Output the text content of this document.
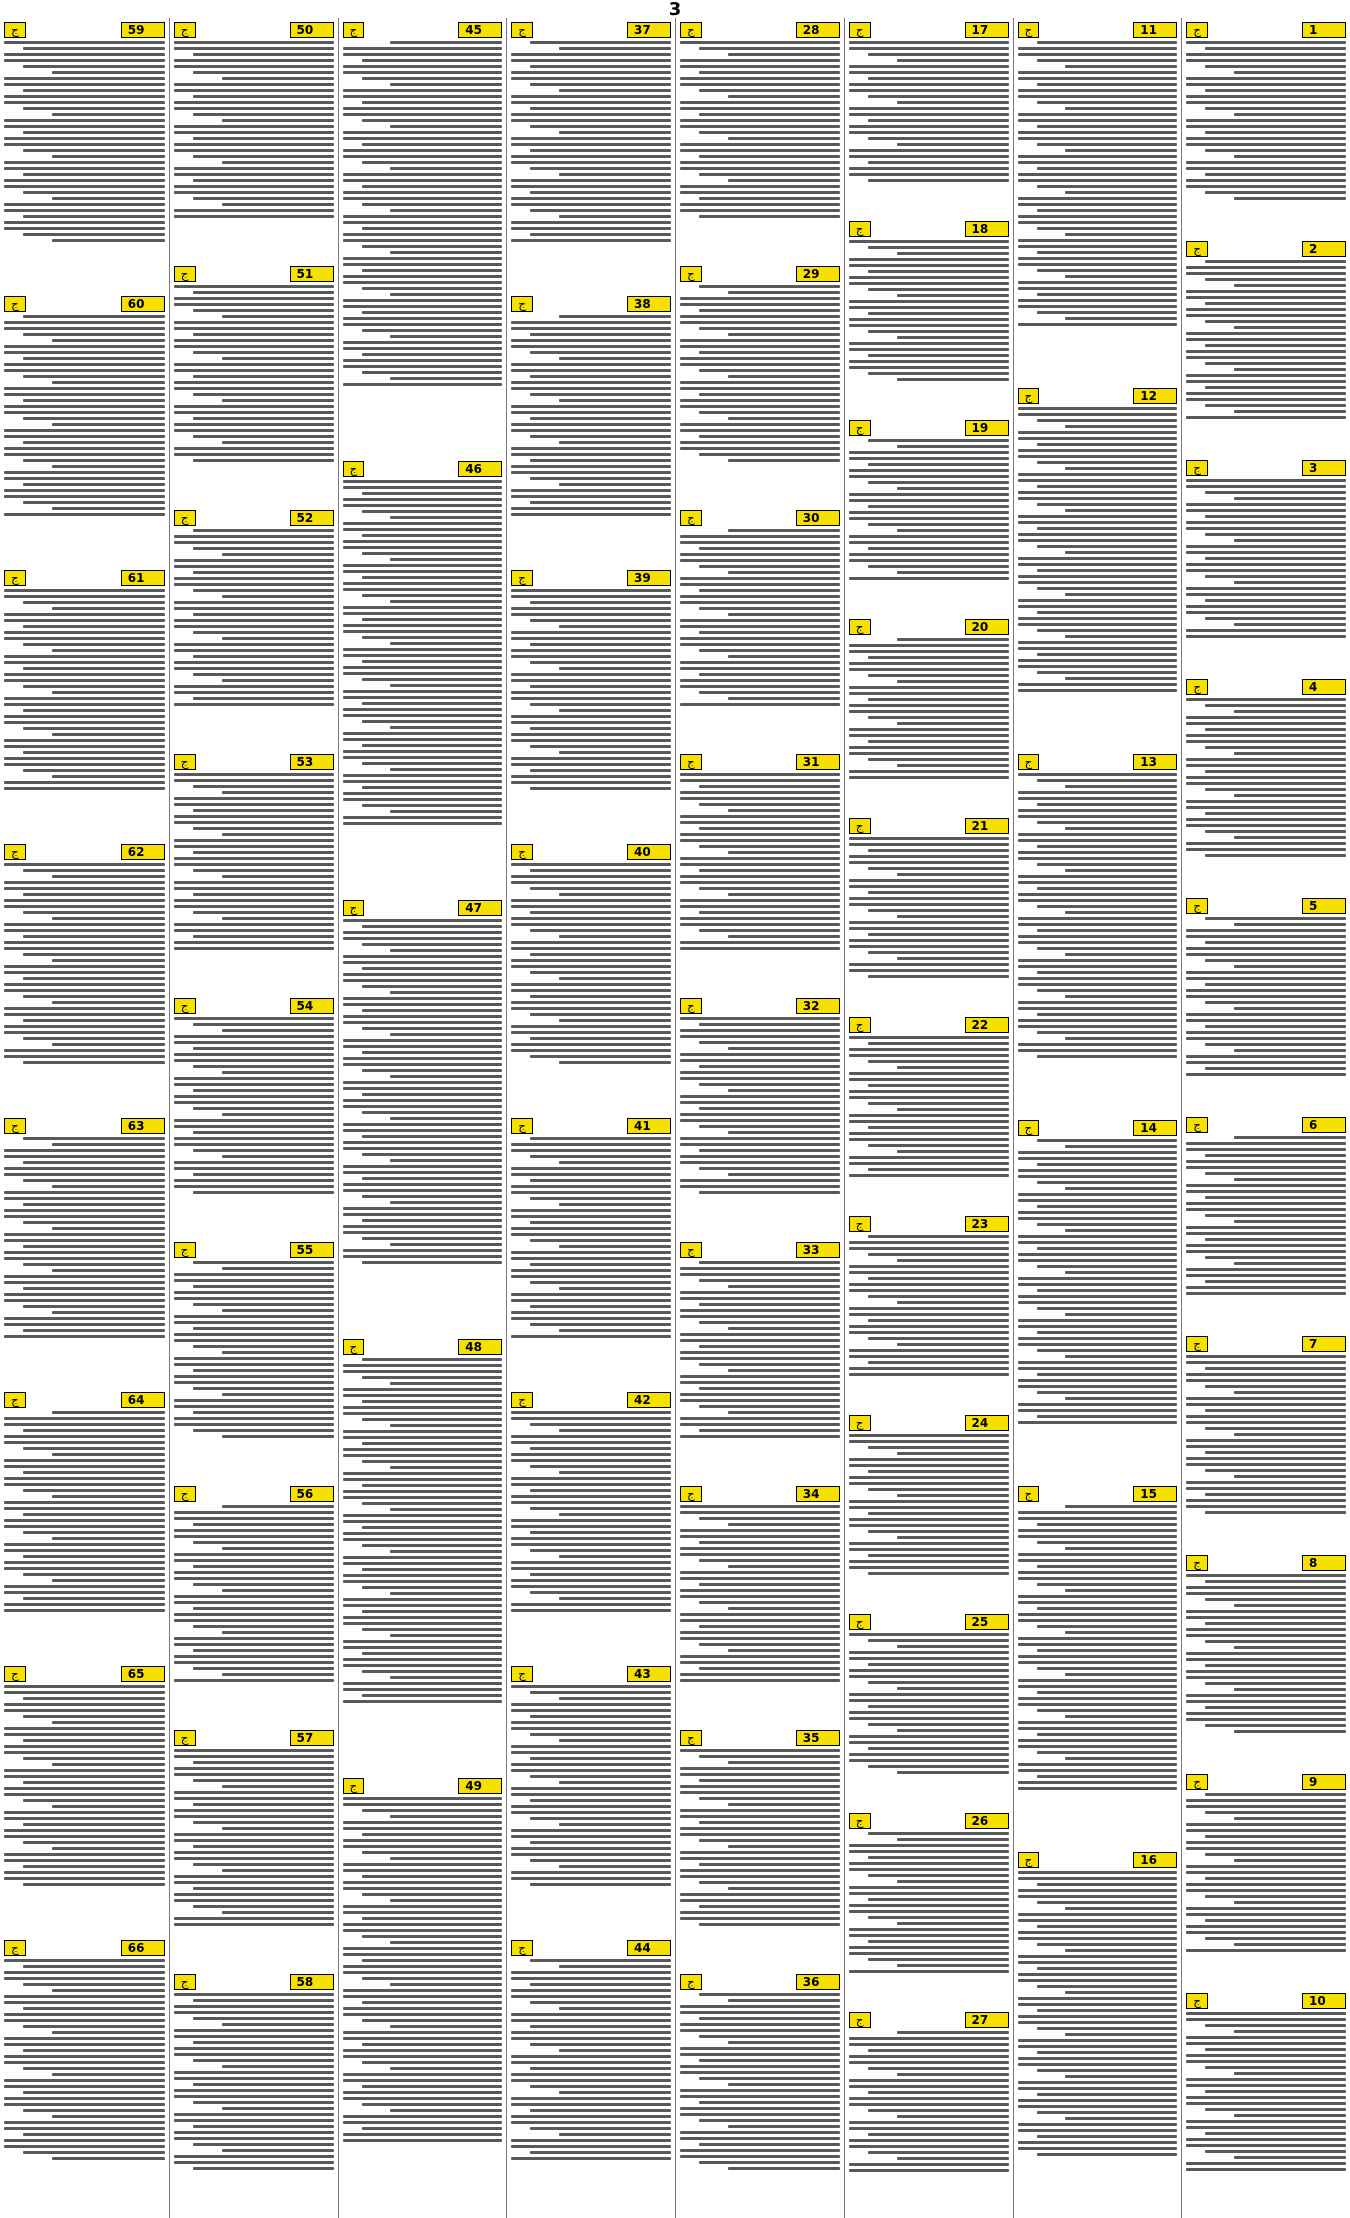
3
ج	1
ج	2
ج	3
ج	4
ج	5
ج	6
ج	7
ج	8
ج	9
ج	10
ج	11
ج	12
ج	13
ج	14
ج	15
ج	16
ج	17
ج	18
ج	19
ج	20
ج	21
ج	22
ج	23
ج	24
ج	25
ج	26
ج	27
ج	28
ج	29
ج	30
ج	31
ج	32
ج	33
ج	34
ج	35
ج	36
ج	37
ج	38
ج	39
ج	40
ج	41
ج	42
ج	43
ج	44
ج	45
ج	46
ج	47
ج	48
ج	49
ج	50
ج	51
ج	52
ج	53
ج	54
ج	55
ج	56
ج	57
ج	58
ج	59
ج	60
ج	61
ج	62
ج	63
ج	64
ج	65
ج	66
